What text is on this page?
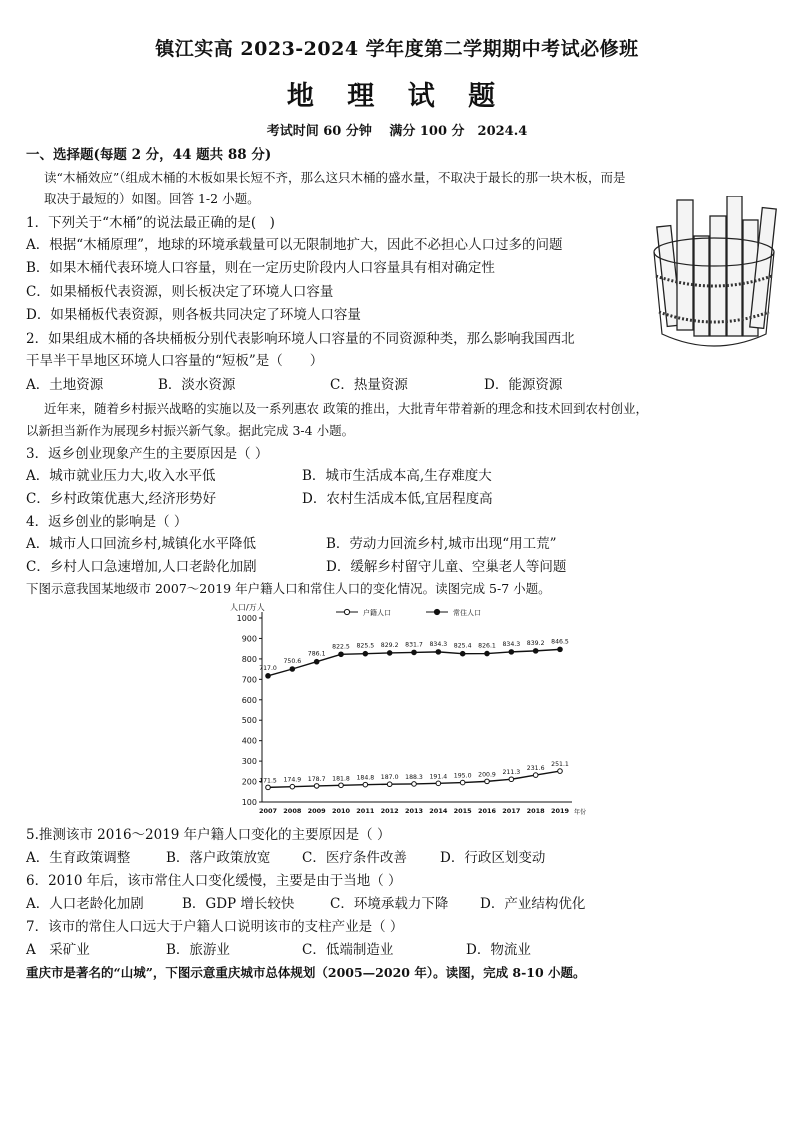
镇江实高 2023-2024 学年度第二学期期中考试必修班
地 理 试 题
考试时间 60 分钟　 满分 100 分　2024.4
一、选择题(每题 2 分，44 题共 88 分)
读“木桶效应”（组成木桶的木板如果长短不齐，那么这只木桶的盛水量，不取决于最长的那一块木板，而是
取决于最短的）如图。回答 1-2 小题。
1．下列关于“木桶”的说法最正确的是(　)
A．根据“木桶原理”，地球的环境承载量可以无限制地扩大，因此不必担心人口过多的问题
B．如果木桶代表环境人口容量，则在一定历史阶段内人口容量具有相对确定性
C．如果桶板代表资源，则长板决定了环境人口容量
D．如果桶板代表资源，则各板共同决定了环境人口容量
2．如果组成木桶的各块桶板分别代表影响环境人口容量的不同资源种类，那么影响我国西北
干旱半干旱地区环境人口容量的“短板”是（　　）
A．土地资源	B．淡水资源	C．热量资源	D．能源资源
近年来，随着乡村振兴战略的实施以及一系列惠农 政策的推出，大批青年带着新的理念和技术回到农村创业，
以新担当新作为展现乡村振兴新气象。据此完成 3-4 小题。
3．返乡创业现象产生的主要原因是（ ）
A．城市就业压力大,收入水平低	B．城市生活成本高,生存难度大
C．乡村政策优惠大,经济形势好	D．农村生活成本低,宜居程度高
4．返乡创业的影响是（ ）
A．城市人口回流乡村,城镇化水平降低	B．劳动力回流乡村,城市出现“用工荒”
C．乡村人口急速增加,人口老龄化加剧	D．缓解乡村留守儿童、空巢老人等问题
下图示意我国某地级市 2007～2019 年户籍人口和常住人口的变化情况。读图完成 5-7 小题。
100
200
300
400
500
600
700
800
900
1000
人口/万人
年份
2007 2008 2009 2010 2011 2012 2013 2014 2015 2016 2017 2018 2019
户籍人口	常住人口
171.5 174.9 178.7 181.8 184.8 187.0 188.3 191.4 195.0 200.9 211.3
231.6
251.1
717.0
750.6
786.1
822.5 825.5 829.2 831.7 834.3 825.4 826.1 834.3 839.2 846.5
5.推测该市 2016～2019 年户籍人口变化的主要原因是（ ）
A．生育政策调整	B．落户政策放宽 C．医疗条件改善 D．行政区划变动
6．2010 年后，该市常住人口变化缓慢，主要是由于当地（ ）
A．人口老龄化加剧	B．GDP 增长较快	C．环境承载力下降 D．产业结构优化
7．该市的常住人口远大于户籍人口说明该市的支柱产业是（ ）
A　采矿业	B．旅游业	C．低端制造业	D．物流业
重庆市是著名的“山城”，下图示意重庆城市总体规划（2005—2020 年）。读图，完成 8-10 小题。
